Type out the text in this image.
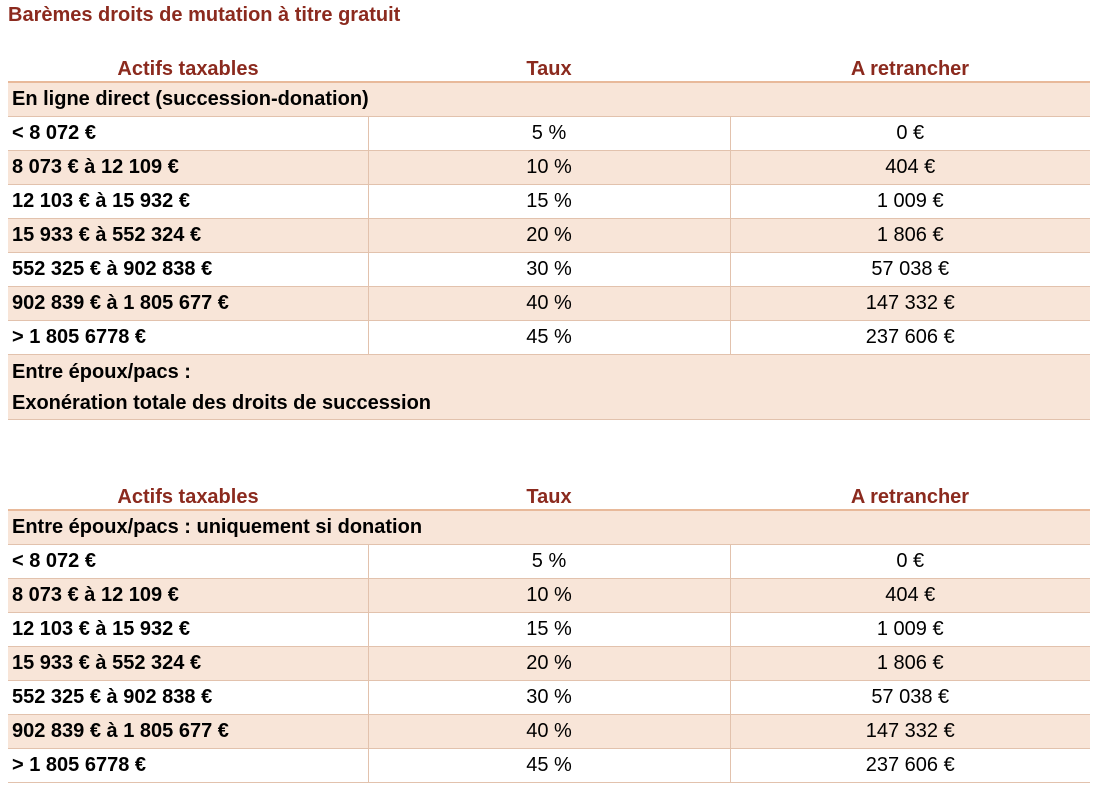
Barèmes droits de mutation à titre gratuit
Actifs taxables	Taux	A retrancher
En ligne direct (succession-donation)		
< 8 072 €	5 %	0 €
8 073 € à 12 109 €	10 %	404 €
12 103 € à 15 932 €	15 %	1 009 €
15 933 € à 552 324 €	20 %	1 806 €
552 325 € à 902 838 €	30 %	57 038 €
902 839 € à 1 805 677 €	40 %	147 332 €
> 1 805 6778 €	45 %	237 606 €

Entre époux/pacs :
Exonération totale des droits de succession		
Actifs taxables	Taux	A retrancher
Entre époux/pacs : uniquement si donation		
< 8 072 €	5 %	0 €
8 073 € à 12 109 €	10 %	404 €
12 103 € à 15 932 €	15 %	1 009 €
15 933 € à 552 324 €	20 %	1 806 €
552 325 € à 902 838 €	30 %	57 038 €
902 839 € à 1 805 677 €	40 %	147 332 €
> 1 805 6778 €	45 %	237 606 €
